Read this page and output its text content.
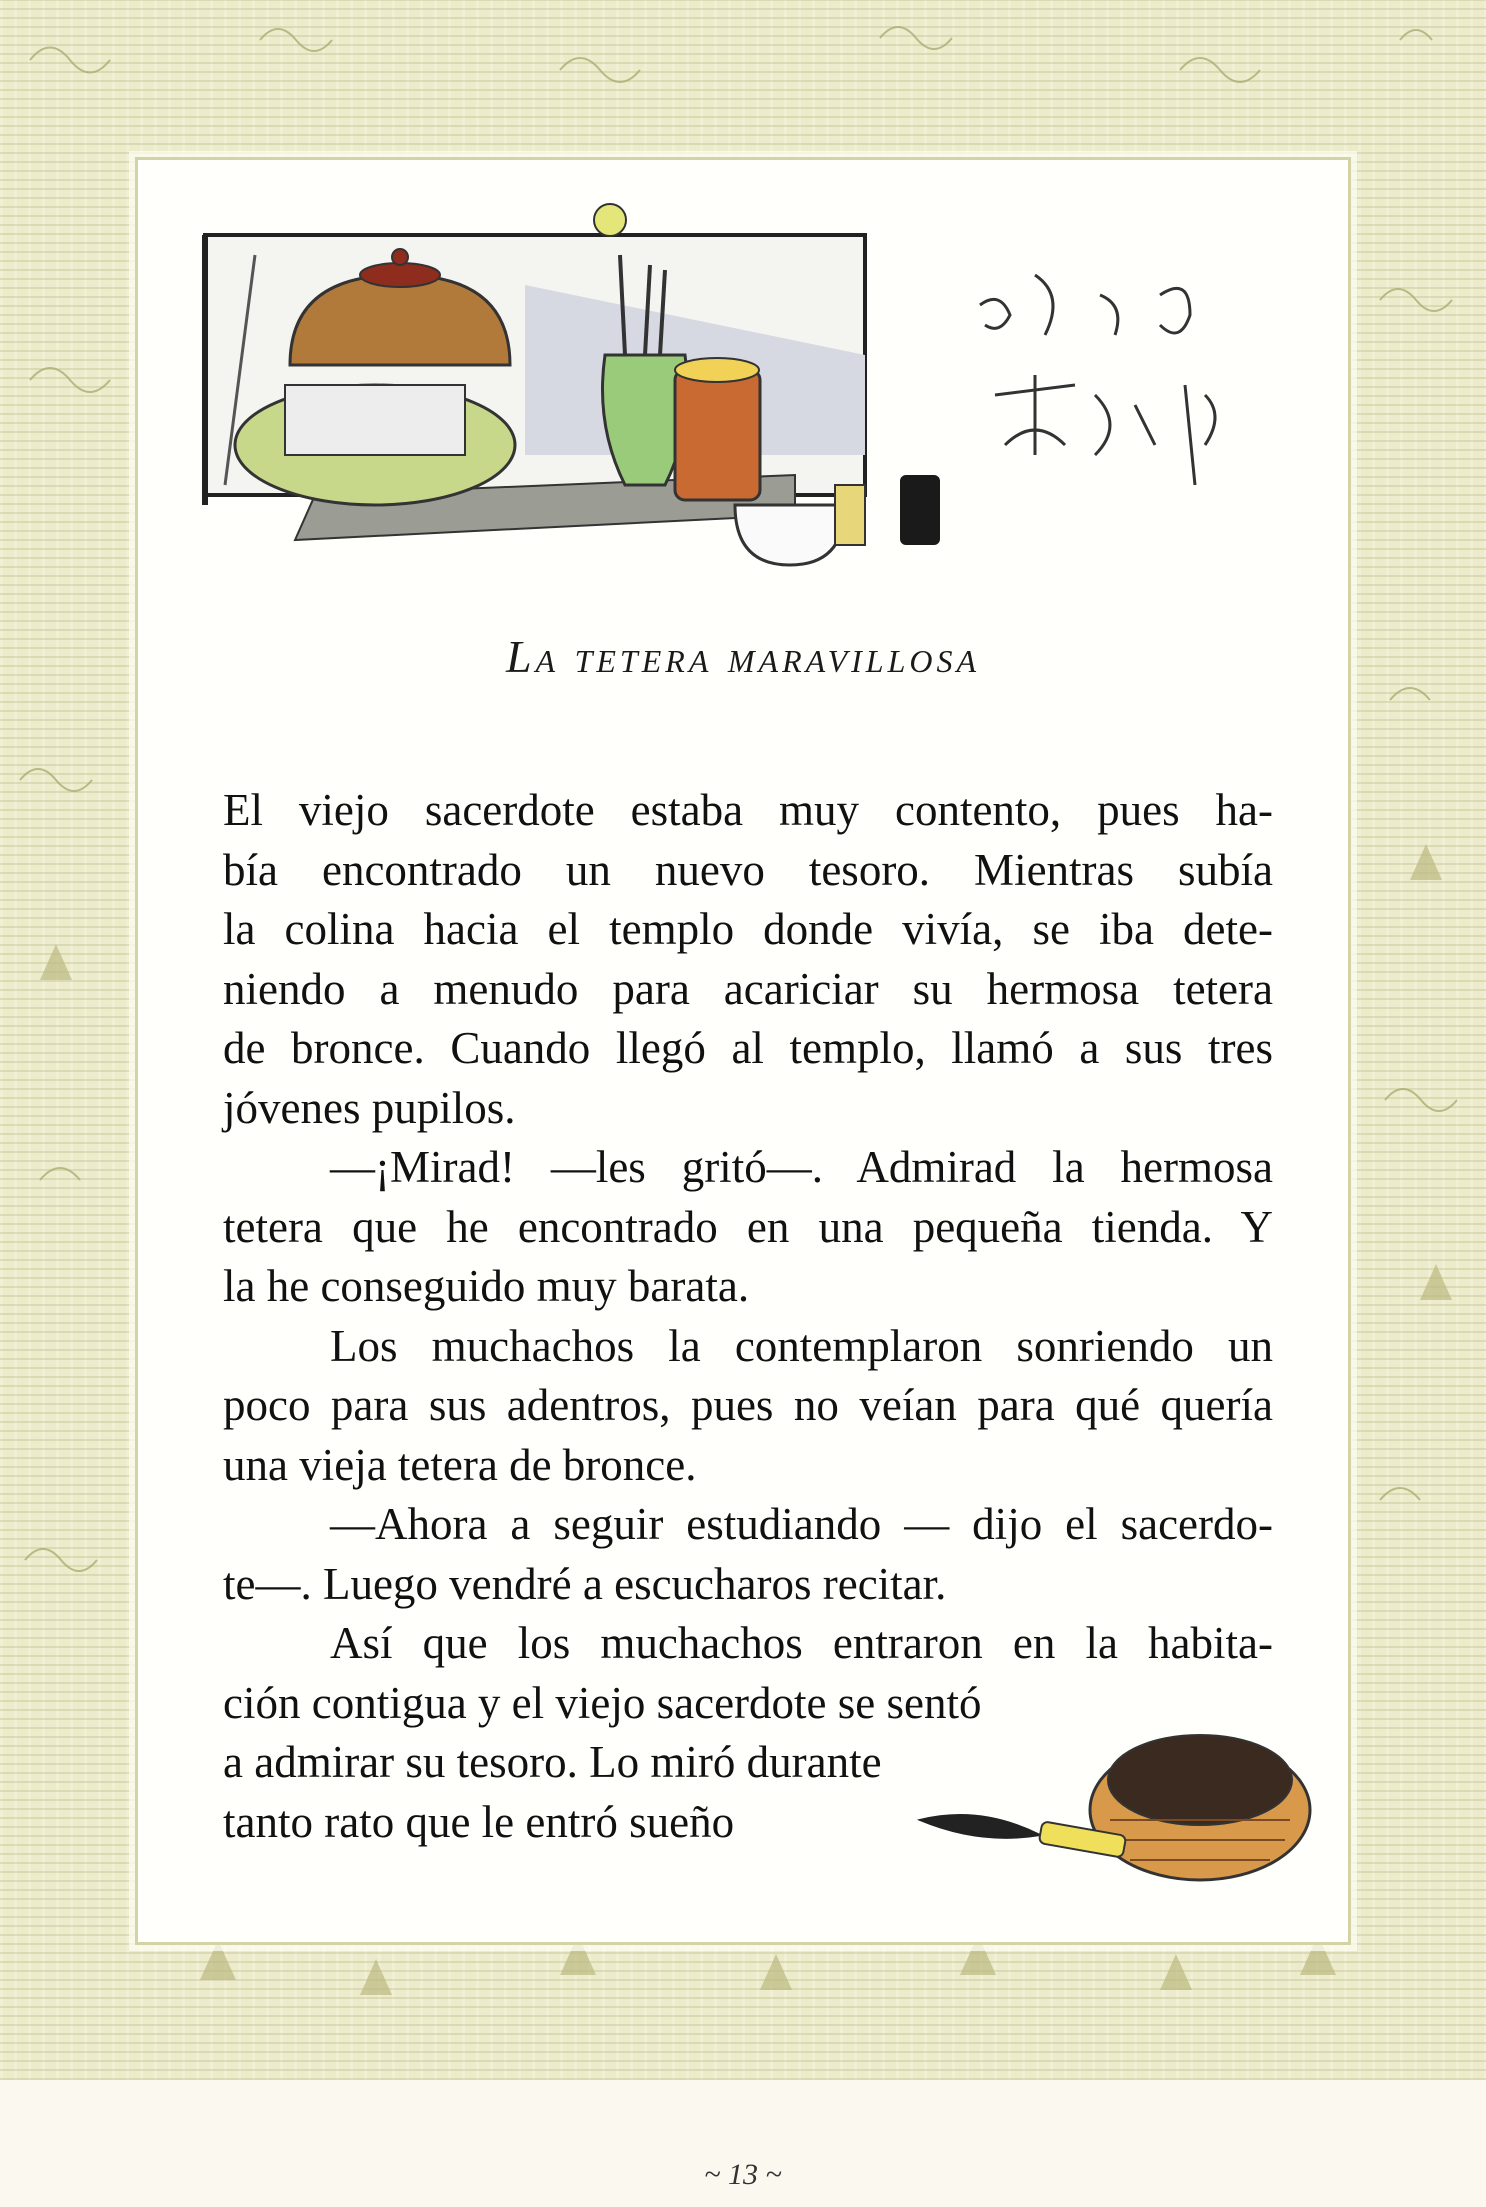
ぶんぶく茶釜
La tetera maravillosa
El viejo sacerdote estaba muy contento, pues ha-
bía encontrado un nuevo tesoro. Mientras subía
la colina hacia el templo donde vivía, se iba dete-
niendo a menudo para acariciar su hermosa tetera
de bronce. Cuando llegó al templo, llamó a sus tres
jóvenes pupilos.
—¡Mirad! —les gritó—. Admirad la hermosa
tetera que he encontrado en una pequeña tienda. Y
la he conseguido muy barata.
Los muchachos la contemplaron sonriendo un
poco para sus adentros, pues no veían para qué quería
una vieja tetera de bronce.
—Ahora a seguir estudiando — dijo el sacerdo-
te—. Luego vendré a escucharos recitar.
Así que los muchachos entraron en la habita-
ción contigua y el viejo sacerdote se sentó
a admirar su tesoro. Lo miró durante
tanto rato que le entró sueño
~ 13 ~
